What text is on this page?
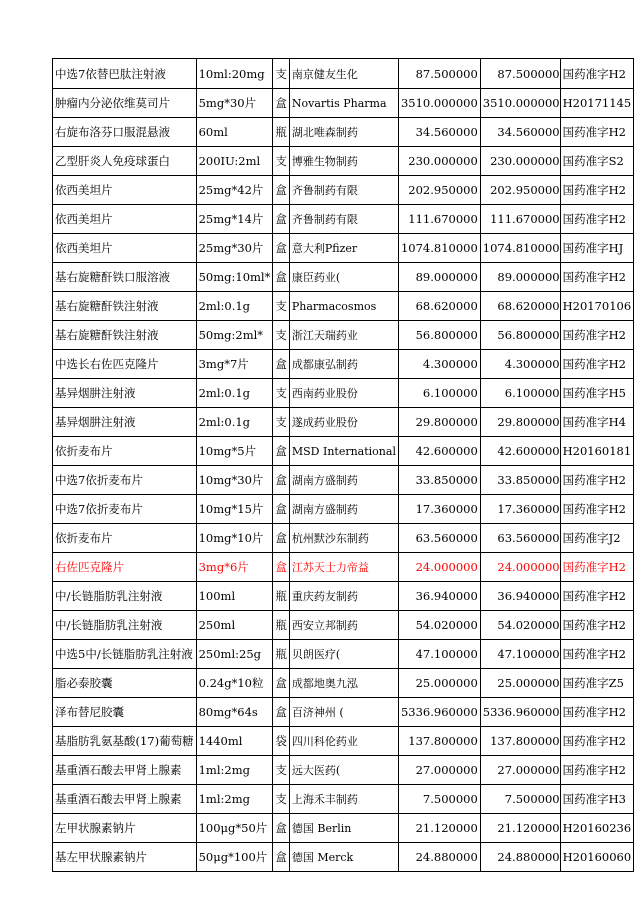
中选7依替巴肽注射液	10ml:20mg	支	南京健友生化	87.500000	87.500000	国药准字H2
肿瘤内分泌依维莫司片	5mg*30片	盒	Novartis Pharma	3510.000000	3510.000000	H20171145
右旋布洛芬口服混悬液	60ml	瓶	湖北唯森制药	34.560000	34.560000	国药准字H2
乙型肝炎人免疫球蛋白	200IU:2ml	支	博雅生物制药	230.000000	230.000000	国药准字S2
依西美坦片	25mg*42片	盒	齐鲁制药有限	202.950000	202.950000	国药准字H2
依西美坦片	25mg*14片	盒	齐鲁制药有限	111.670000	111.670000	国药准字H2
依西美坦片	25mg*30片	盒	意大利Pfizer	1074.810000	1074.810000	国药准字HJ
基右旋糖酐铁口服溶液	50mg:10ml*	盒	康臣药业(	89.000000	89.000000	国药准字H2
基右旋糖酐铁注射液	2ml:0.1g	支	Pharmacosmos	68.620000	68.620000	H20170106
基右旋糖酐铁注射液	50mg:2ml*	支	浙江天瑞药业	56.800000	56.800000	国药准字H2
中选长右佐匹克隆片	3mg*7片	盒	成都康弘制药	4.300000	4.300000	国药准字H2
基异烟肼注射液	2ml:0.1g	支	西南药业股份	6.100000	6.100000	国药准字H5
基异烟肼注射液	2ml:0.1g	支	遂成药业股份	29.800000	29.800000	国药准字H4
依折麦布片	10mg*5片	盒	MSD International	42.600000	42.600000	H20160181
中选7依折麦布片	10mg*30片	盒	湖南方盛制药	33.850000	33.850000	国药准字H2
中选7依折麦布片	10mg*15片	盒	湖南方盛制药	17.360000	17.360000	国药准字H2
依折麦布片	10mg*10片	盒	杭州默沙东制药	63.560000	63.560000	国药准字J2
右佐匹克隆片	3mg*6片	盒	江苏天士力帝益	24.000000	24.000000	国药准字H2
中/长链脂肪乳注射液	100ml	瓶	重庆药友制药	36.940000	36.940000	国药准字H2
中/长链脂肪乳注射液	250ml	瓶	西安立邦制药	54.020000	54.020000	国药准字H2
中选5中/长链脂肪乳注射液	250ml:25g	瓶	贝朗医疗(	47.100000	47.100000	国药准字H2
脂必泰胶囊	0.24g*10粒	盒	成都地奥九泓	25.000000	25.000000	国药准字Z5
泽布替尼胶囊	80mg*64s	盒	百济神州 (	5336.960000	5336.960000	国药准字H2
基脂肪乳氨基酸(17)葡萄糖	1440ml	袋	四川科伦药业	137.800000	137.800000	国药准字H2
基重酒石酸去甲肾上腺素	1ml:2mg	支	远大医药(	27.000000	27.000000	国药准字H2
基重酒石酸去甲肾上腺素	1ml:2mg	支	上海禾丰制药	7.500000	7.500000	国药准字H3
左甲状腺素钠片	100μg*50片	盒	德国 Berlin	21.120000	21.120000	H20160236
基左甲状腺素钠片	50μg*100片	盒	德国 Merck	24.880000	24.880000	H20160060
